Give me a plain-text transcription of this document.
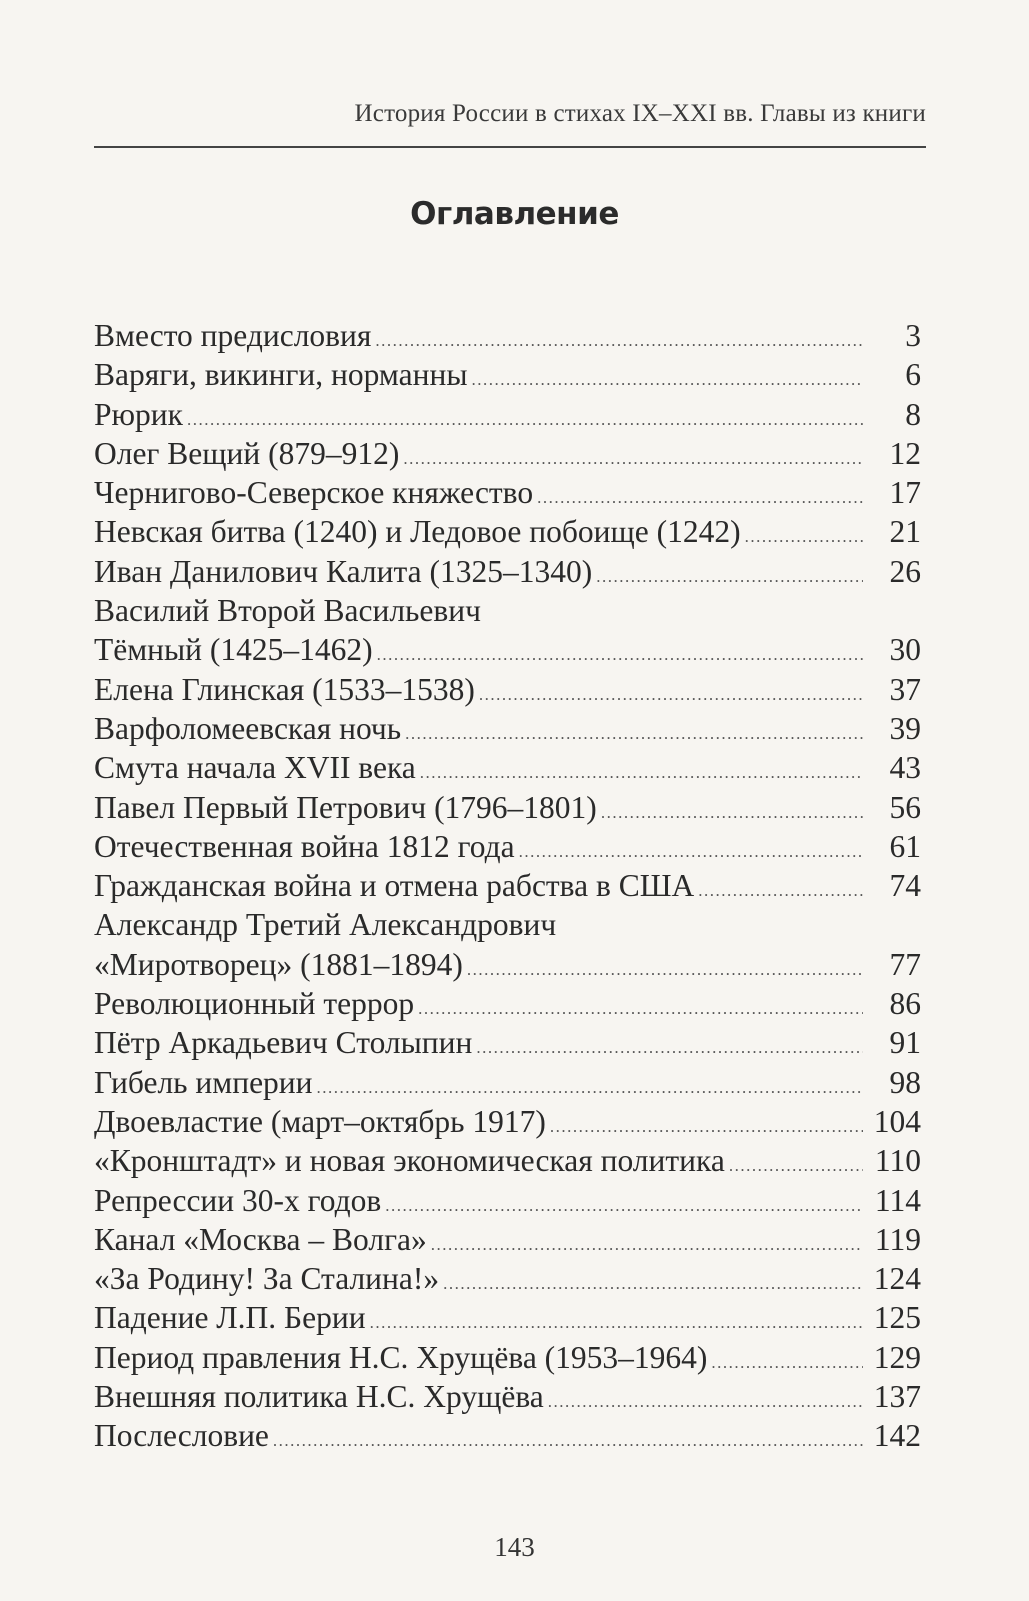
История России в стихах IX–XXI вв. Главы из книги
Оглавление
Вместо предисловия .....	3
Варяги, викинги, норманны .....	6
Рюрик .....	8
Олег Вещий (879–912) .....	12
Чернигово-Северское княжество .....	17
Невская битва (1240) и Ледовое побоище (1242) .....	21
Иван Данилович Калита (1325–1340) .....	26
Василий Второй Васильевич
Тёмный (1425–1462) .....	30
Елена Глинская (1533–1538) .....	37
Варфоломеевская ночь .....	39
Смута начала XVII века .....	43
Павел Первый Петрович (1796–1801) .....	56
Отечественная война 1812 года .....	61
Гражданская война и отмена рабства в США .....	74
Александр Третий Александрович
«Миротворец» (1881–1894) .....	77
Революционный террор .....	86
Пётр Аркадьевич Столыпин .....	91
Гибель империи .....	98
Двоевластие (март–октябрь 1917) .....	104
«Кронштадт» и новая экономическая политика .....	110
Репрессии 30-х годов .....	114
Канал «Москва – Волга» .....	119
«За Родину! За Сталина!» .....	124
Падение Л.П. Берии .....	125
Период правления Н.С. Хрущёва (1953–1964) .....	129
Внешняя политика Н.С. Хрущёва .....	137
Послесловие .....	142
143
